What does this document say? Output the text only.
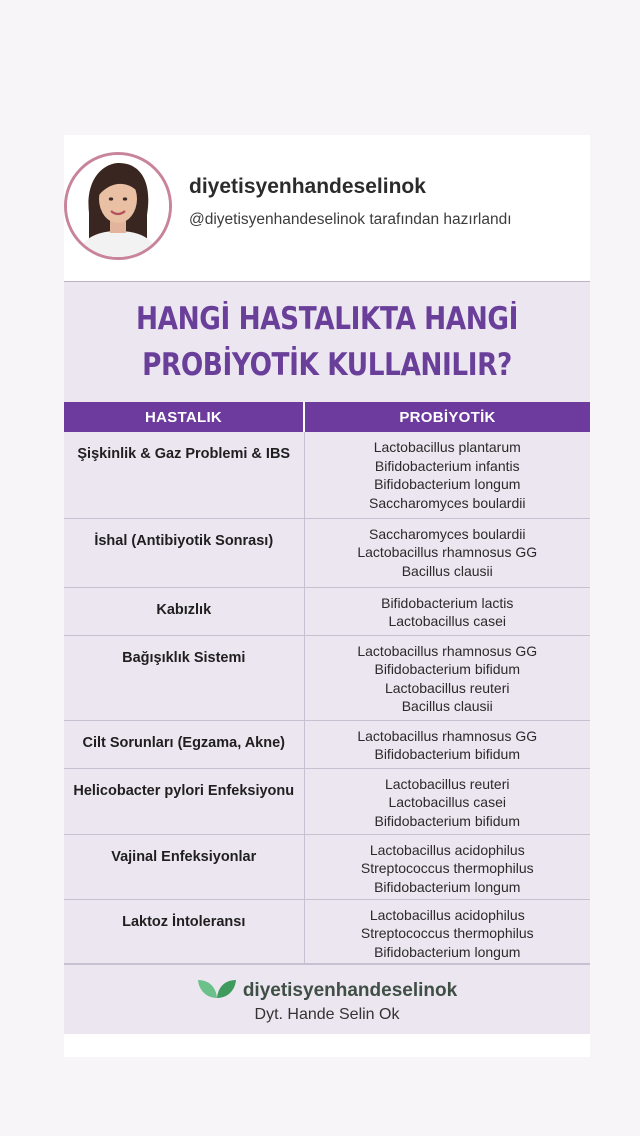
diyetisyenhandeselinok
@diyetisyenhandeselinok tarafından hazırlandı
HANGİ HASTALIKTA HANGİ
PROBİYOTİK KULLANILIR?
HASTALIK	PROBİYOTİK
Şişkinlik & Gaz Problemi & IBS	Lactobacillus plantarum
Bifidobacterium infantis
Bifidobacterium longum
Saccharomyces boulardii

İshal (Antibiyotik Sonrası)	Saccharomyces boulardii
Lactobacillus rhamnosus GG
Bacillus clausii

Kabızlık	Bifidobacterium lactis
Lactobacillus casei

Bağışıklık Sistemi	Lactobacillus rhamnosus GG
Bifidobacterium bifidum
Lactobacillus reuteri
Bacillus clausii

Cilt Sorunları (Egzama, Akne)	Lactobacillus rhamnosus GG
Bifidobacterium bifidum

Helicobacter pylori Enfeksiyonu	Lactobacillus reuteri
Lactobacillus casei
Bifidobacterium bifidum

Vajinal Enfeksiyonlar	Lactobacillus acidophilus
Streptococcus thermophilus
Bifidobacterium longum

Laktoz İntoleransı	Lactobacillus acidophilus
Streptococcus thermophilus
Bifidobacterium longum
diyetisyenhandeselinok
Dyt. Hande Selin Ok
